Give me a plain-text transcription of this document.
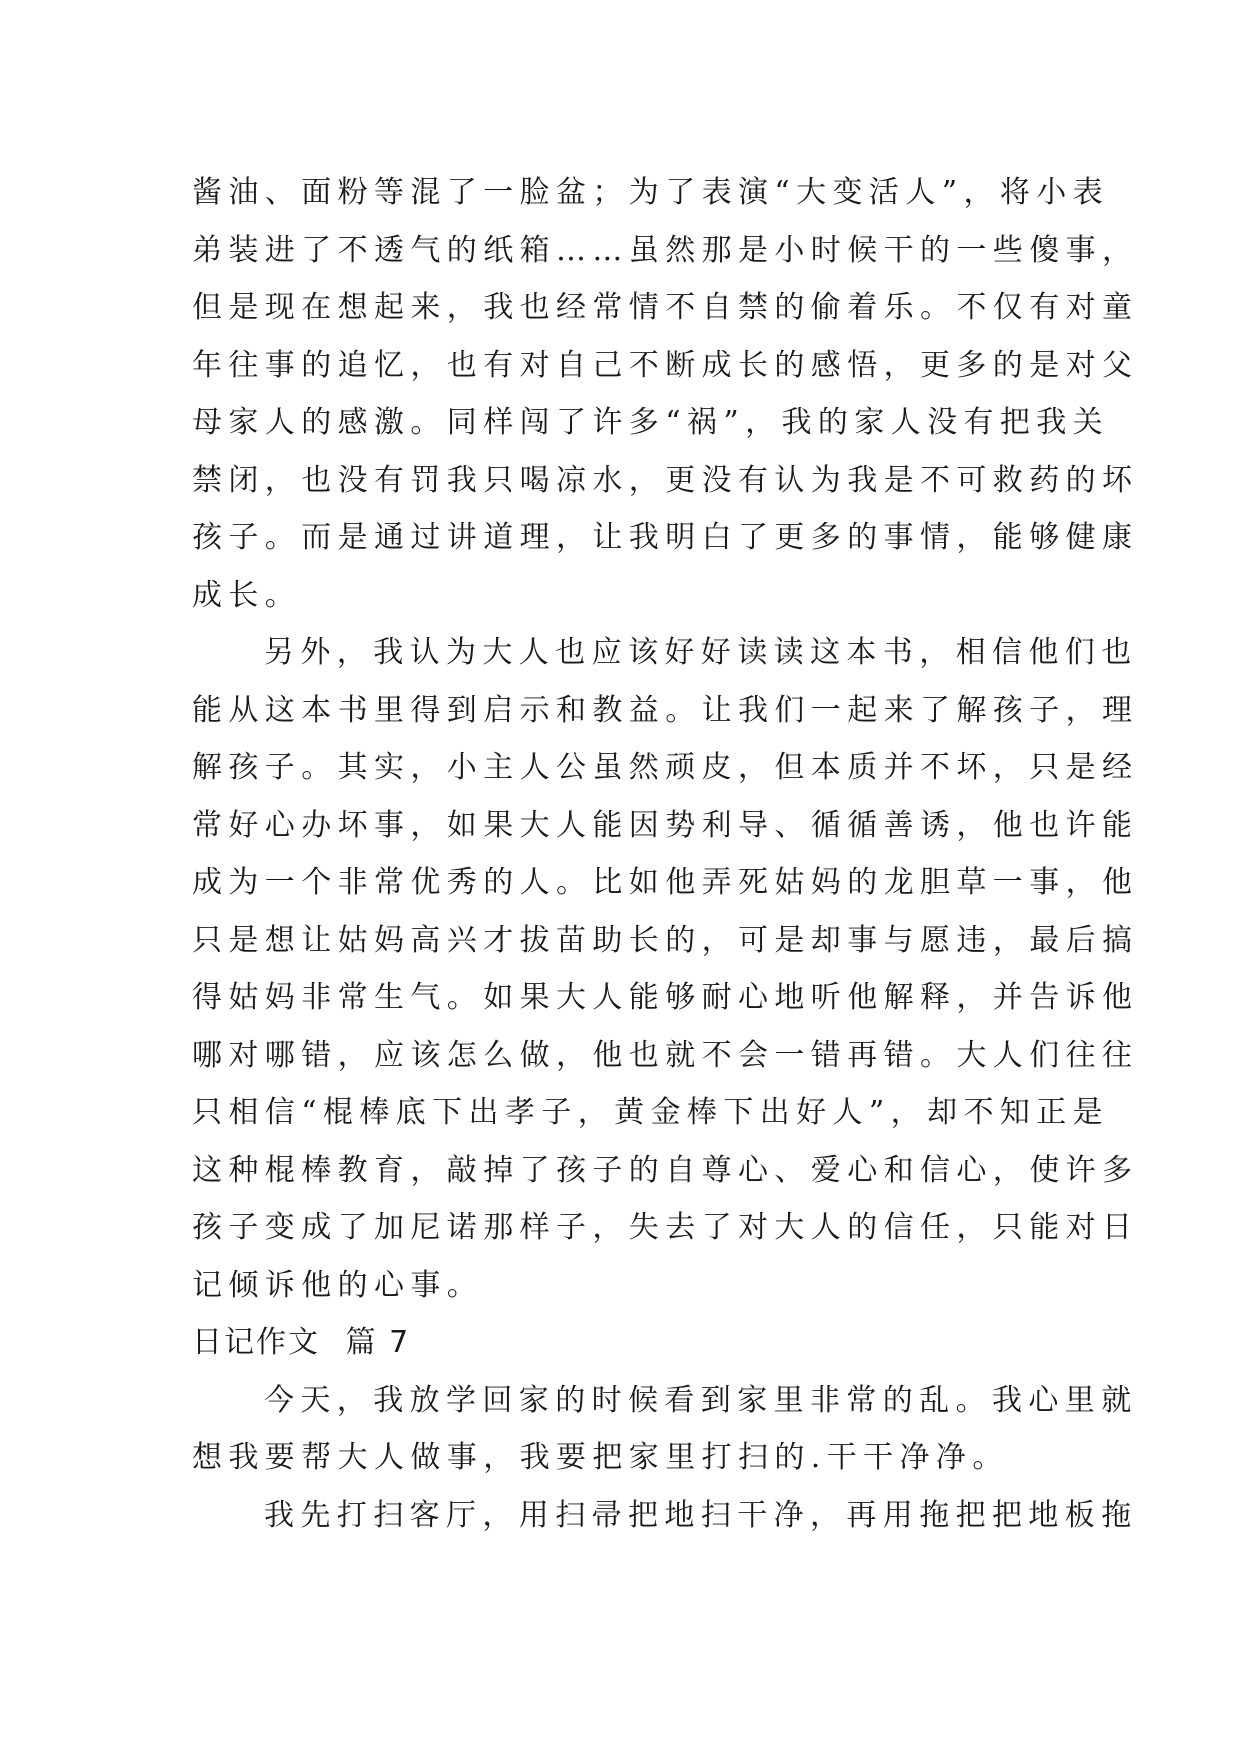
酱油、面粉等混了一脸盆；为了表演“大变活人”，将小表
弟装进了不透气的纸箱……虽然那是小时候干的一些傻事，
但是现在想起来，我也经常情不自禁的偷着乐。不仅有对童
年往事的追忆，也有对自己不断成长的感悟，更多的是对父
母家人的感激。同样闯了许多“祸”，我的家人没有把我关
禁闭，也没有罚我只喝凉水，更没有认为我是不可救药的坏
孩子。而是通过讲道理，让我明白了更多的事情，能够健康
成长。
另外，我认为大人也应该好好读读这本书，相信他们也
能从这本书里得到启示和教益。让我们一起来了解孩子，理
解孩子。其实，小主人公虽然顽皮，但本质并不坏，只是经
常好心办坏事，如果大人能因势利导、循循善诱，他也许能
成为一个非常优秀的人。比如他弄死姑妈的龙胆草一事，他
只是想让姑妈高兴才拔苗助长的，可是却事与愿违，最后搞
得姑妈非常生气。如果大人能够耐心地听他解释，并告诉他
哪对哪错，应该怎么做，他也就不会一错再错。大人们往往
只相信“棍棒底下出孝子，黄金棒下出好人”，却不知正是
这种棍棒教育，敲掉了孩子的自尊心、爱心和信心，使许多
孩子变成了加尼诺那样子，失去了对大人的信任，只能对日
记倾诉他的心事。
日记作文 篇 7
今天，我放学回家的时候看到家里非常的乱。我心里就
想我要帮大人做事，我要把家里打扫的.干干净净。
我先打扫客厅，用扫帚把地扫干净，再用拖把把地板拖
